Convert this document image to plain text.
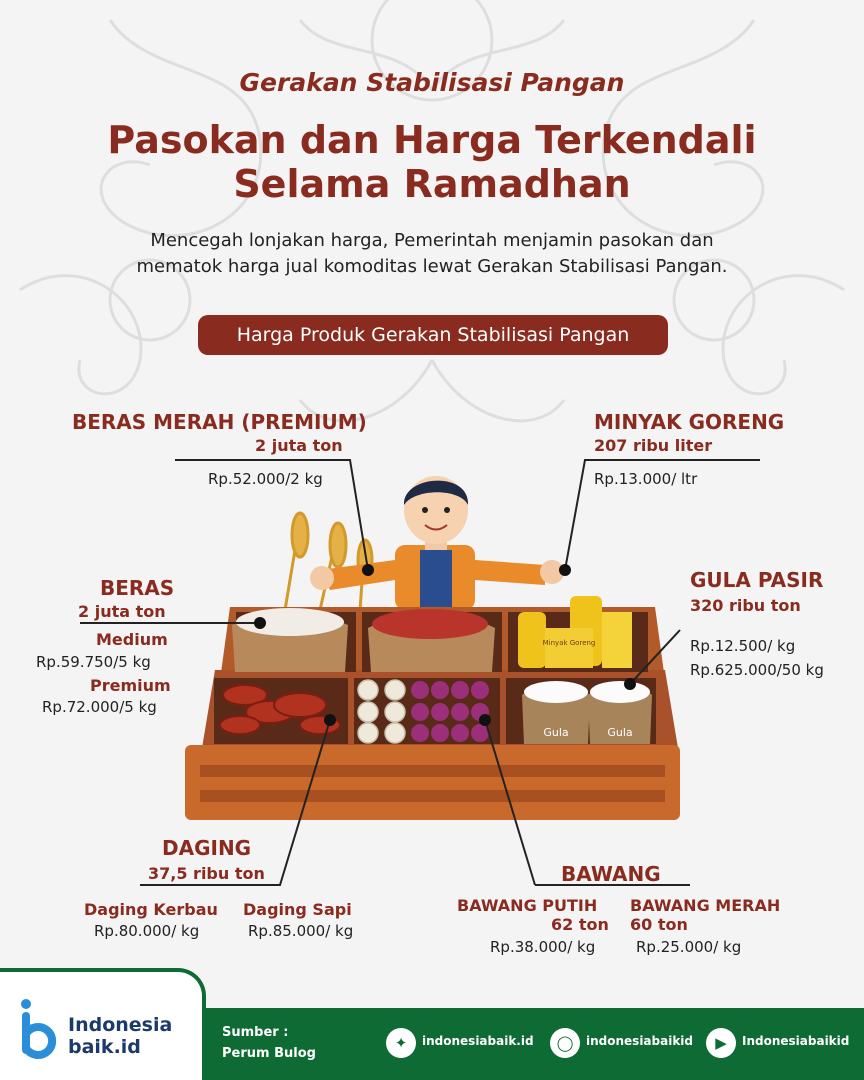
Gerakan Stabilisasi Pangan
Pasokan dan Harga Terkendali
Selama Ramadhan
Mencegah lonjakan harga, Pemerintah menjamin pasokan dan
mematok harga jual komoditas lewat Gerakan Stabilisasi Pangan.
Harga Produk Gerakan Stabilisasi Pangan
Minyak Goreng
Gula	Gula
BERAS MERAH (PREMIUM)
2 juta ton
Rp.52.000/2 kg
MINYAK GORENG
207 ribu liter
Rp.13.000/ ltr
BERAS
2 juta ton
Medium
Rp.59.750/5 kg
Premium
Rp.72.000/5 kg
GULA PASIR
320 ribu ton
Rp.12.500/ kg
Rp.625.000/50 kg
DAGING
37,5 ribu ton
Daging Kerbau
Rp.80.000/ kg
Daging Sapi
Rp.85.000/ kg
BAWANG
BAWANG PUTIH
62 ton
Rp.38.000/ kg
BAWANG MERAH
60 ton
Rp.25.000/ kg
Indonesia
baik.id
Sumber :
Perum Bulog
✦	indonesiabaik.id	◯	indonesiabaikid	▶	Indonesiabaikid
